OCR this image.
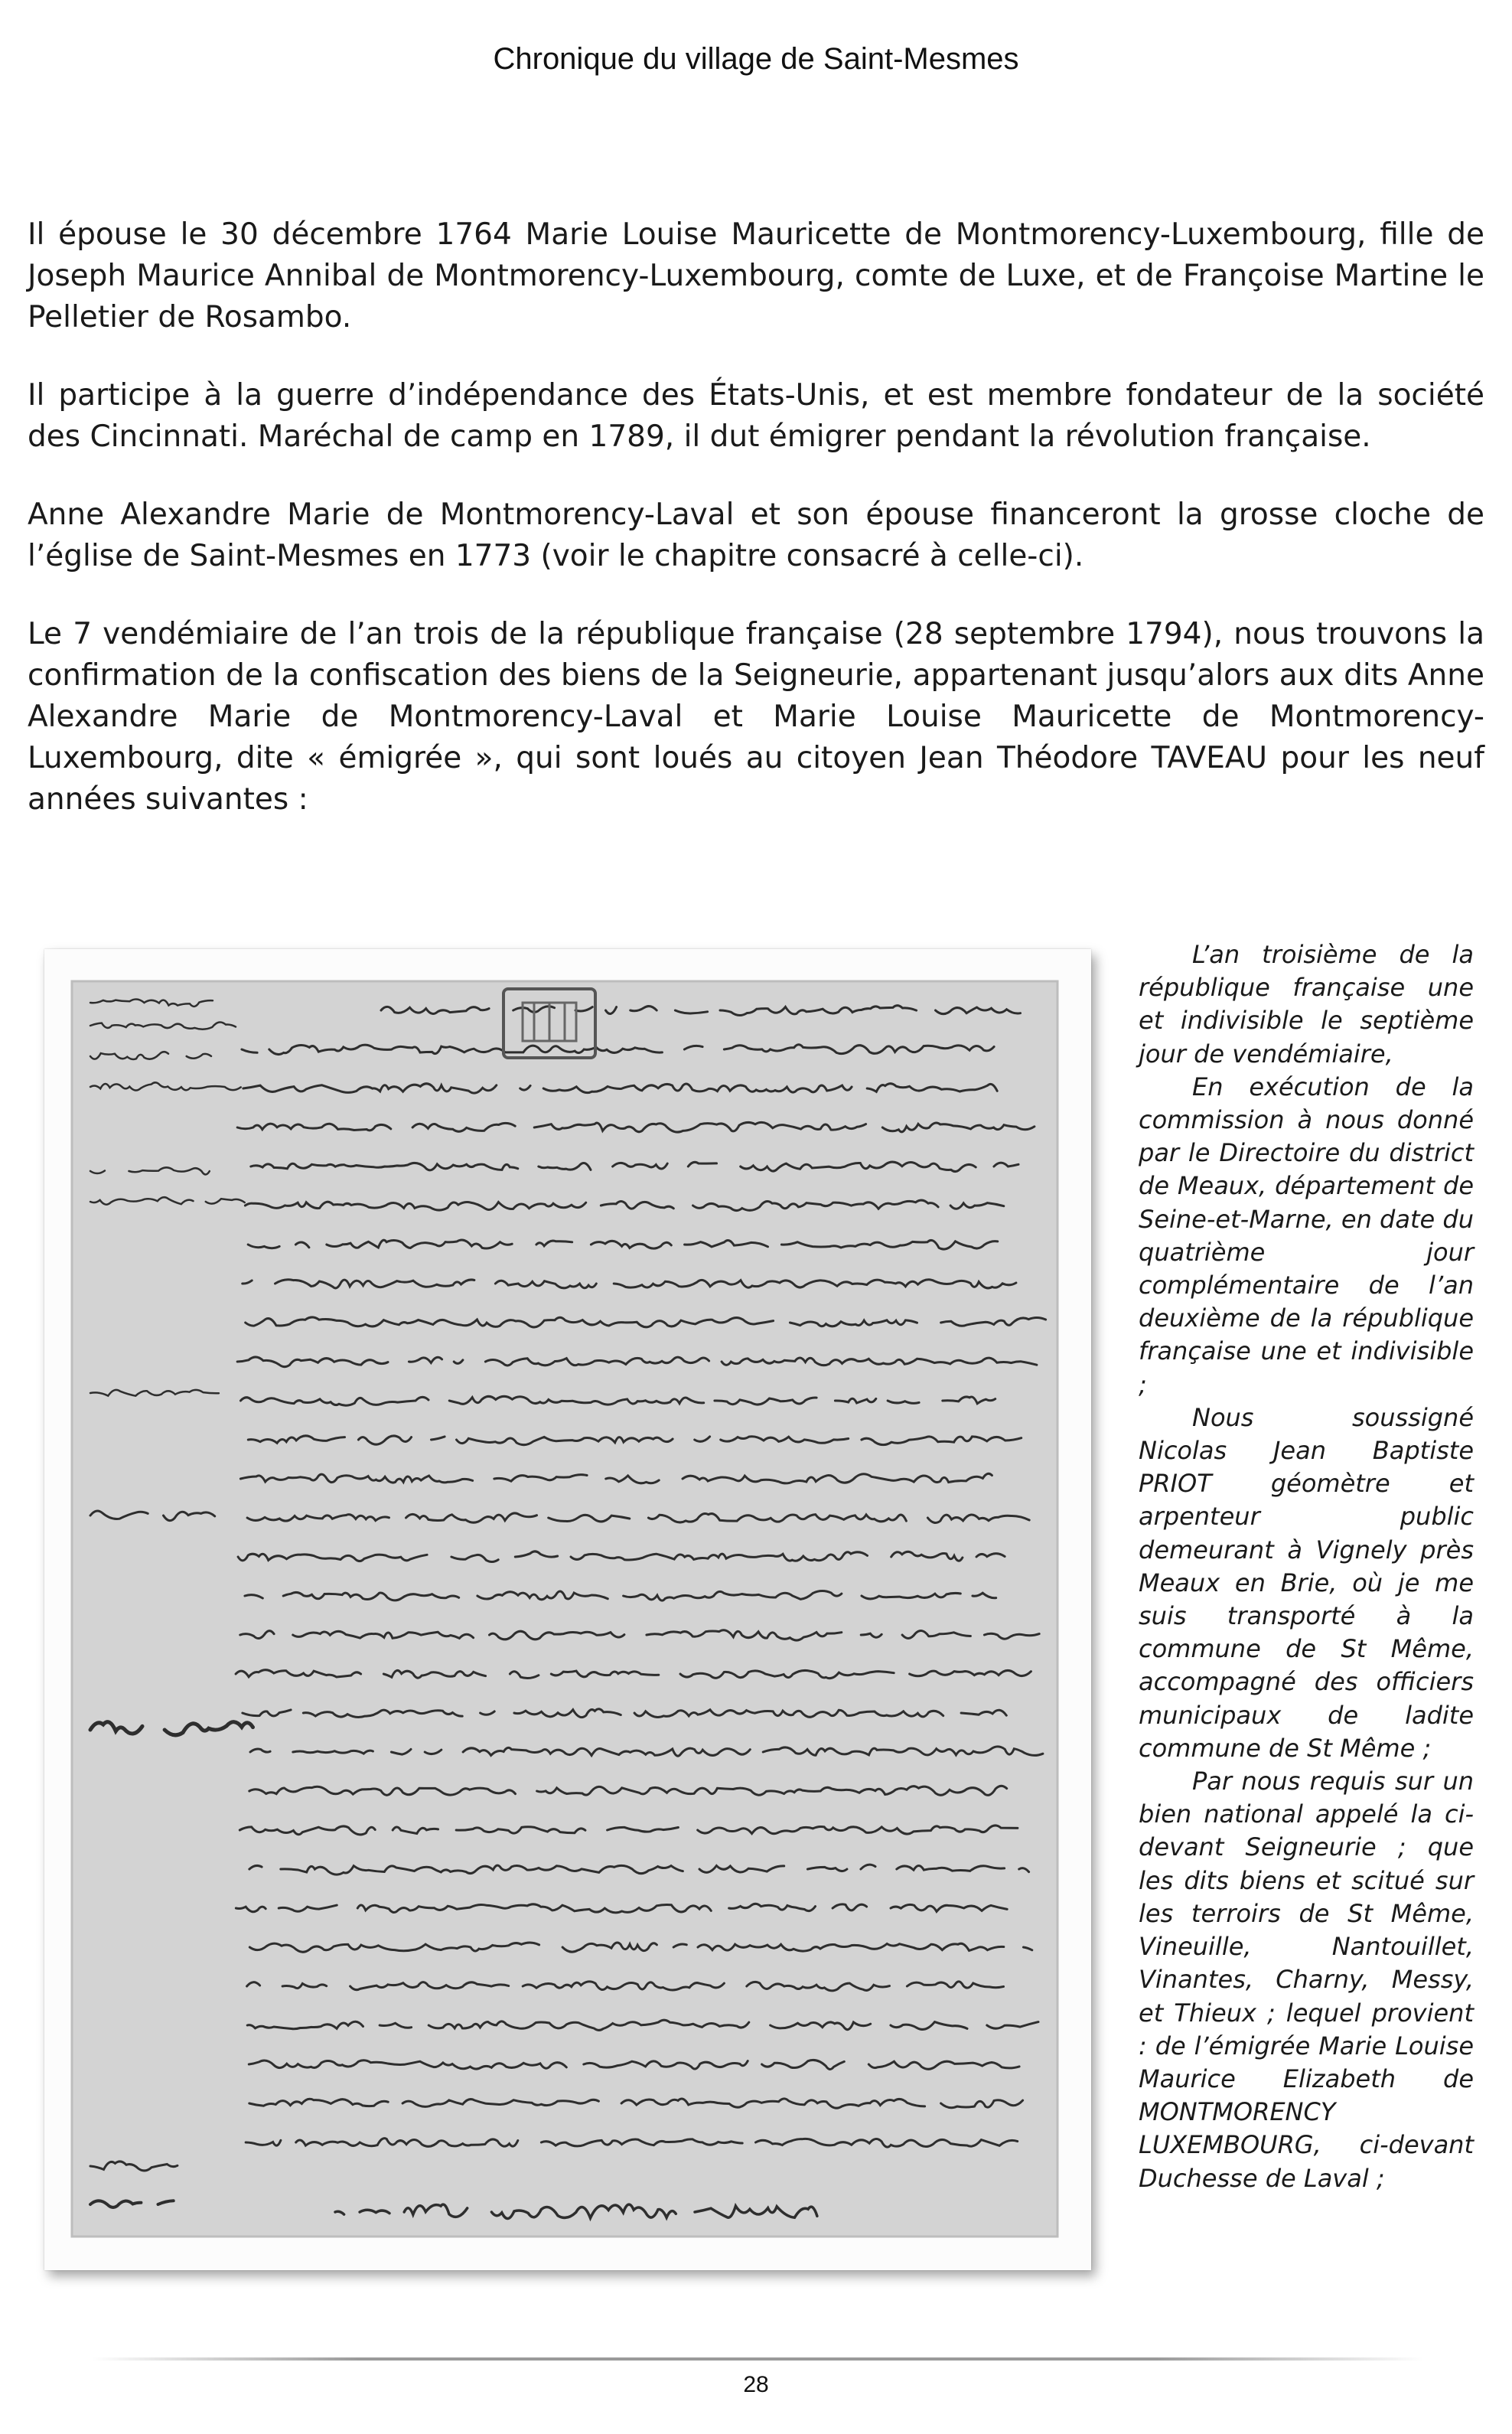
Chronique du village de Saint-Mesmes

Il épouse le 30 décembre 1764 Marie Louise Mauricette de Montmorency-Luxembourg, fille de Joseph Maurice Annibal de Montmorency-Luxembourg, comte de Luxe, et de Françoise Martine le Pelletier de Rosambo.

Il participe à la guerre d’indépendance des États-Unis, et est membre fondateur de la société des Cincinnati. Maréchal de camp en 1789, il dut émigrer pendant la révolution française.

Anne Alexandre Marie de Montmorency-Laval et son épouse financeront la grosse cloche de l’église de Saint-Mesmes en 1773 (voir le chapitre consacré à celle-ci).

Le 7 vendémiaire de l’an trois de la république française (28 septembre 1794), nous trouvons la confirmation de la confiscation des biens de la Seigneurie, appartenant jusqu’alors aux dits Anne Alexandre Marie de Montmorency-Laval et Marie Louise Mauricette de Montmorency-Luxembourg, dite « émigrée », qui sont loués au citoyen Jean Théodore TAVEAU pour les neuf années suivantes :

L’an troisième de la république française une et indivisible le septième jour de vendémiaire,

En exécution de la commission à nous donné par le Directoire du district de Meaux, département de Seine-et-Marne, en date du quatrième jour complémentaire de l’an deuxième de la république française une et indivisible ;

Nous soussigné Nicolas Jean Baptiste PRIOT géomètre et arpenteur public demeurant à Vignely près Meaux en Brie, où je me suis transporté à la commune de St Même, accompagné des officiers municipaux de ladite commune de St Même ;

Par nous requis sur un bien national appelé la ci-devant Seigneurie ; que les dits biens et scitué sur les terroirs de St Même, Vineuille, Nantouillet, Vinantes, Charny, Messy, et Thieux ; lequel provient : de l’émigrée Marie Louise Maurice Elizabeth de MONTMORENCY LUXEMBOURG, ci-devant Duchesse de Laval ;

28
